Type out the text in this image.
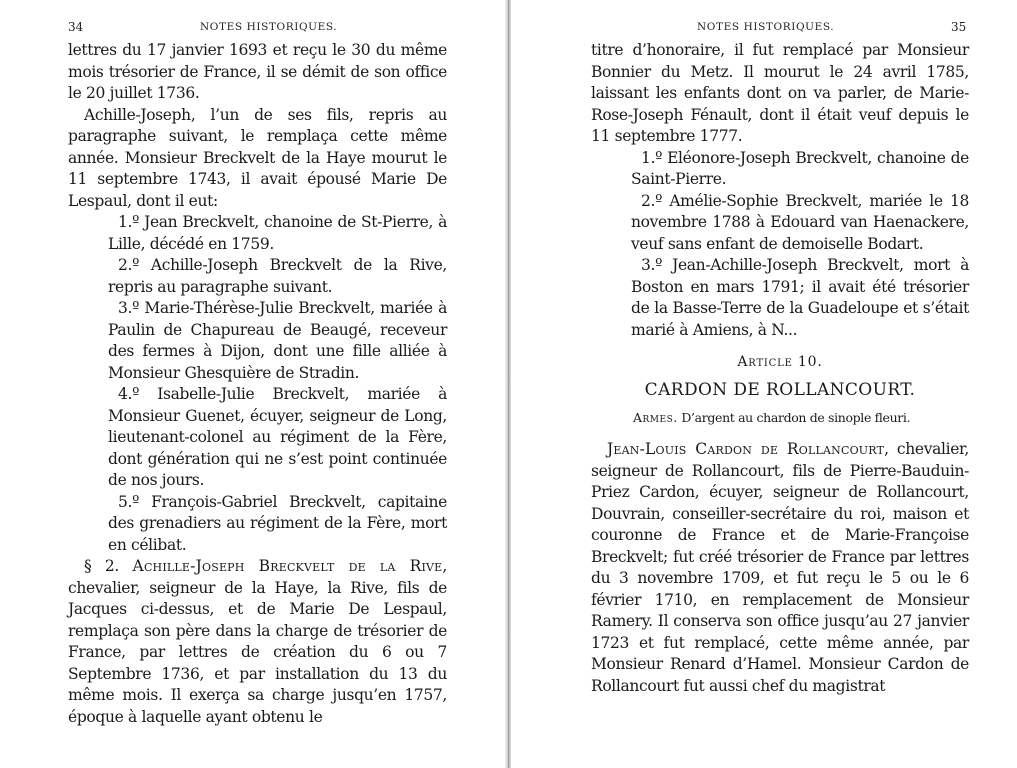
34	NOTES HISTORIQUES.

lettres du 17 janvier 1693 et reçu le 30 du même mois trésorier de France, il se démit de son office le 20 juillet 1736.

Achille-Joseph, l’un de ses fils, repris au paragraphe suivant, le remplaça cette même année. Monsieur Breckvelt de la Haye mourut le 11 septembre 1743, il avait épousé Marie De Lespaul, dont il eut:

1.º Jean Breckvelt, chanoine de St-Pierre, à Lille, décédé en 1759.

2.º Achille-Joseph Breckvelt de la Rive, repris au paragraphe suivant.

3.º Marie-Thérèse-Julie Breckvelt, mariée à Paulin de Chapureau de Beaugé, receveur des fermes à Dijon, dont une fille alliée à Monsieur Ghesquière de Stradin.

4.º Isabelle-Julie Breckvelt, mariée à Monsieur Guenet, écuyer, seigneur de Long, lieutenant-colonel au régiment de la Fère, dont génération qui ne s’est point continuée de nos jours.

5.º François-Gabriel Breckvelt, capitaine des grenadiers au régiment de la Fère, mort en célibat.

§ 2. Achille-Joseph Breckvelt de la Rive, chevalier, seigneur de la Haye, la Rive, fils de Jacques ci-dessus, et de Marie De Lespaul, remplaça son père dans la charge de trésorier de France, par lettres de création du 6 ou 7 Septembre 1736, et par installation du 13 du même mois. Il exerça sa charge jusqu’en 1757, époque à laquelle ayant obtenu le

NOTES HISTORIQUES.	35

titre d’honoraire, il fut remplacé par Monsieur Bonnier du Metz. Il mourut le 24 avril 1785, laissant les enfants dont on va parler, de Marie-Rose-Joseph Fénault, dont il était veuf depuis le 11 septembre 1777.

1.º Eléonore-Joseph Breckvelt, chanoine de Saint-Pierre.

2.º Amélie-Sophie Breckvelt, mariée le 18 novembre 1788 à Edouard van Haenackere, veuf sans enfant de demoiselle Bodart.

3.º Jean-Achille-Joseph Breckvelt, mort à Boston en mars 1791; il avait été trésorier de la Basse-Terre de la Guadeloupe et s’était marié à Amiens, à N...

Article 10.

CARDON DE ROLLANCOURT.

Armes. D’argent au chardon de sinople fleuri.

Jean-Louis Cardon de Rollancourt, chevalier, seigneur de Rollancourt, fils de Pierre-Bauduin-Priez Cardon, écuyer, seigneur de Rollancourt, Douvrain, conseiller-secrétaire du roi, maison et couronne de France et de Marie-Françoise Breckvelt; fut créé trésorier de France par lettres du 3 novembre 1709, et fut reçu le 5 ou le 6 février 1710, en remplacement de Monsieur Ramery. Il conserva son office jusqu’au 27 janvier 1723 et fut remplacé, cette même année, par Monsieur Renard d’Hamel. Monsieur Cardon de Rollancourt fut aussi chef du magistrat
